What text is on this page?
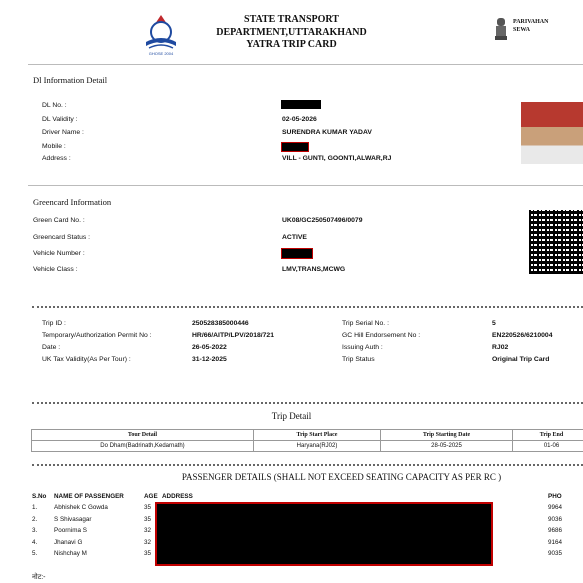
GHOSE 2004
STATE TRANSPORT
DEPARTMENT,UTTARAKHAND
YATRA TRIP CARD
PARIVAHAN
SEWA
Dl Information Detail
DL No. :
DL Validity :	02-05-2026
Driver Name :	SURENDRA KUMAR YADAV
Mobile :
Address :	VILL - GUNTI, GOONTI,ALWAR,RJ
Greencard Information
Green Card No. :	UK08/GC250507496/0079
Greencard Status :	ACTIVE
Vehicle Number :
Vehicle Class :	LMV,TRANS,MCWG
Trip ID :	250528385000446	Trip Serial No. :	5
Temporary/Authorization Permit No :	HR/66/AITP/LPV/2018/721	GC Hill Endorsement No :	EN220526/6210004
Date :	26-05-2022	Issuing Auth :	RJ02
UK Tax Validity(As Per Tour) :	31-12-2025	Trip Status	Original Trip Card
Trip Detail
Tour Detail	Trip Start Place	Trip Starting Date	Trip End
Do Dham(Badrinath,Kedarnath)	Haryana(RJ02)	28-05-2025	01-06
PASSENGER DETAILS (SHALL NOT EXCEED SEATING CAPACITY AS PER RC )
S.No	NAME OF PASSENGER	AGE	ADDRESS	PHO
1.	Abhishek C Gowda	35		9964
2.	S Shivasagar	35		9036
3.	Poornima S	32		9686
4.	Jhanavi G	32		9164
5.	Nishchay M	35		9035
नोट:-
